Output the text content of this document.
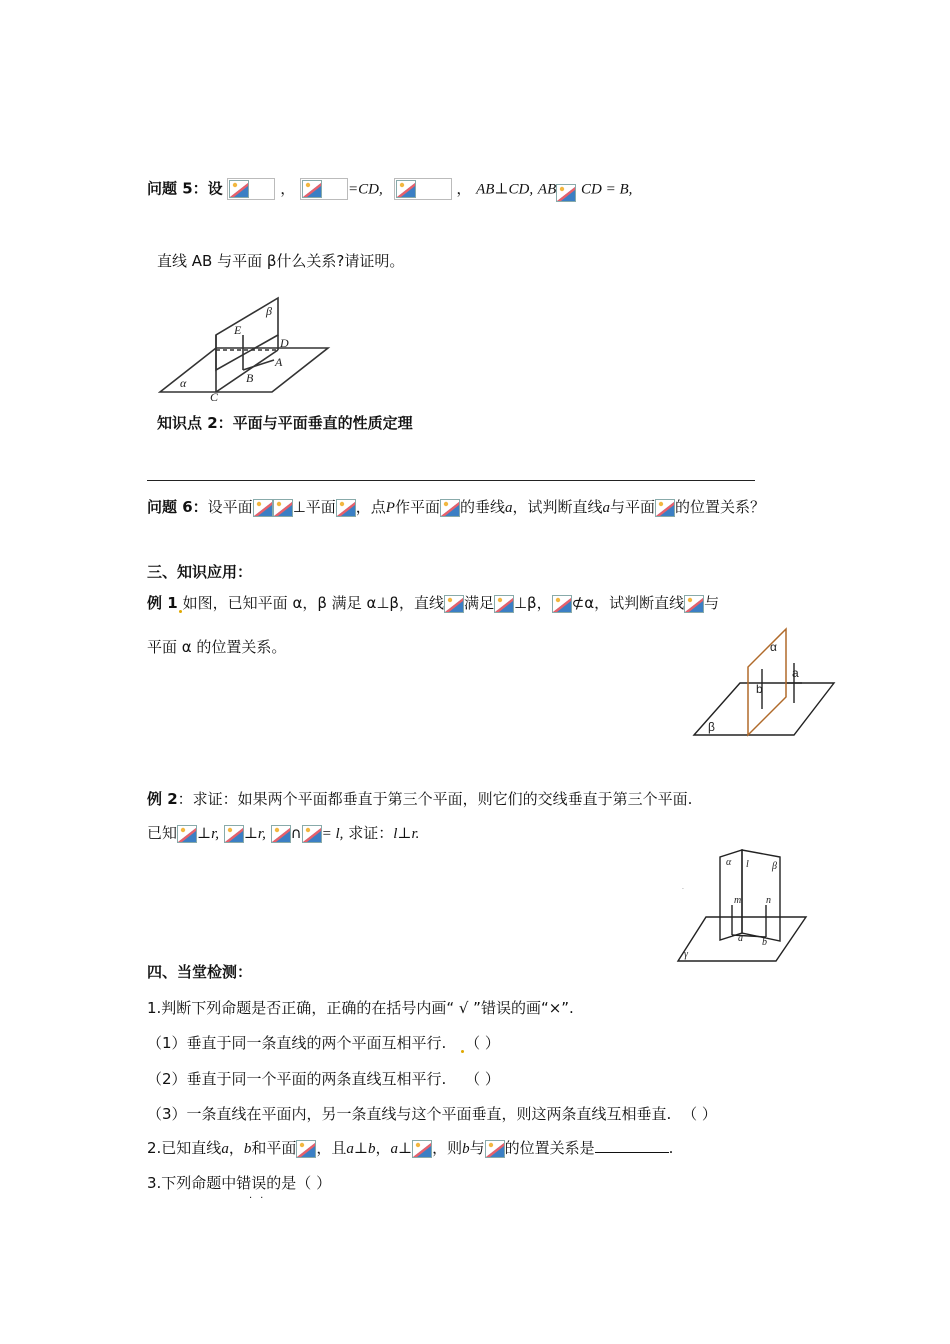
问题 5：设	，	=CD,	， AB⊥CD, AB CD = B,
直线 AB 与平面 β什么关系?请证明。
β
E
D
A
B
C
α
知识点 2：平面与平面垂直的性质定理
问题 6：设平面	⊥平面 ，点P作平面 的垂线a，试判断直线a与平面 的位置关系？
三、知识应用：
例 1 如图，已知平面 α，β 满足 α⊥β，直线 满足 ⊥β， ⊄α，试判断直线 与
平面 α 的位置关系。	α
a
b
β
例 2：求证：如果两个平面都垂直于第三个平面，则它们的交线垂直于第三个平面.
已知 ⊥r, ⊥r, ∩ = l, 求证：l⊥r.
α l β
m n
a b
γ
.
四、当堂检测：
1.判断下列命题是否正确，正确的在括号内画“ √ ”错误的画“×”.
（1）垂直于同一条直线的两个平面互相平行. （ ）
（2）垂直于同一个平面的两条直线互相平行. （ ）
（3）一条直线在平面内，另一条直线与这个平面垂直，则这两条直线互相垂直. （ ）
2.已知直线a，b和平面 ，且a⊥b，a⊥ ，则b与 的位置关系是	.
3.下列命题中错误的是（ ）
··
